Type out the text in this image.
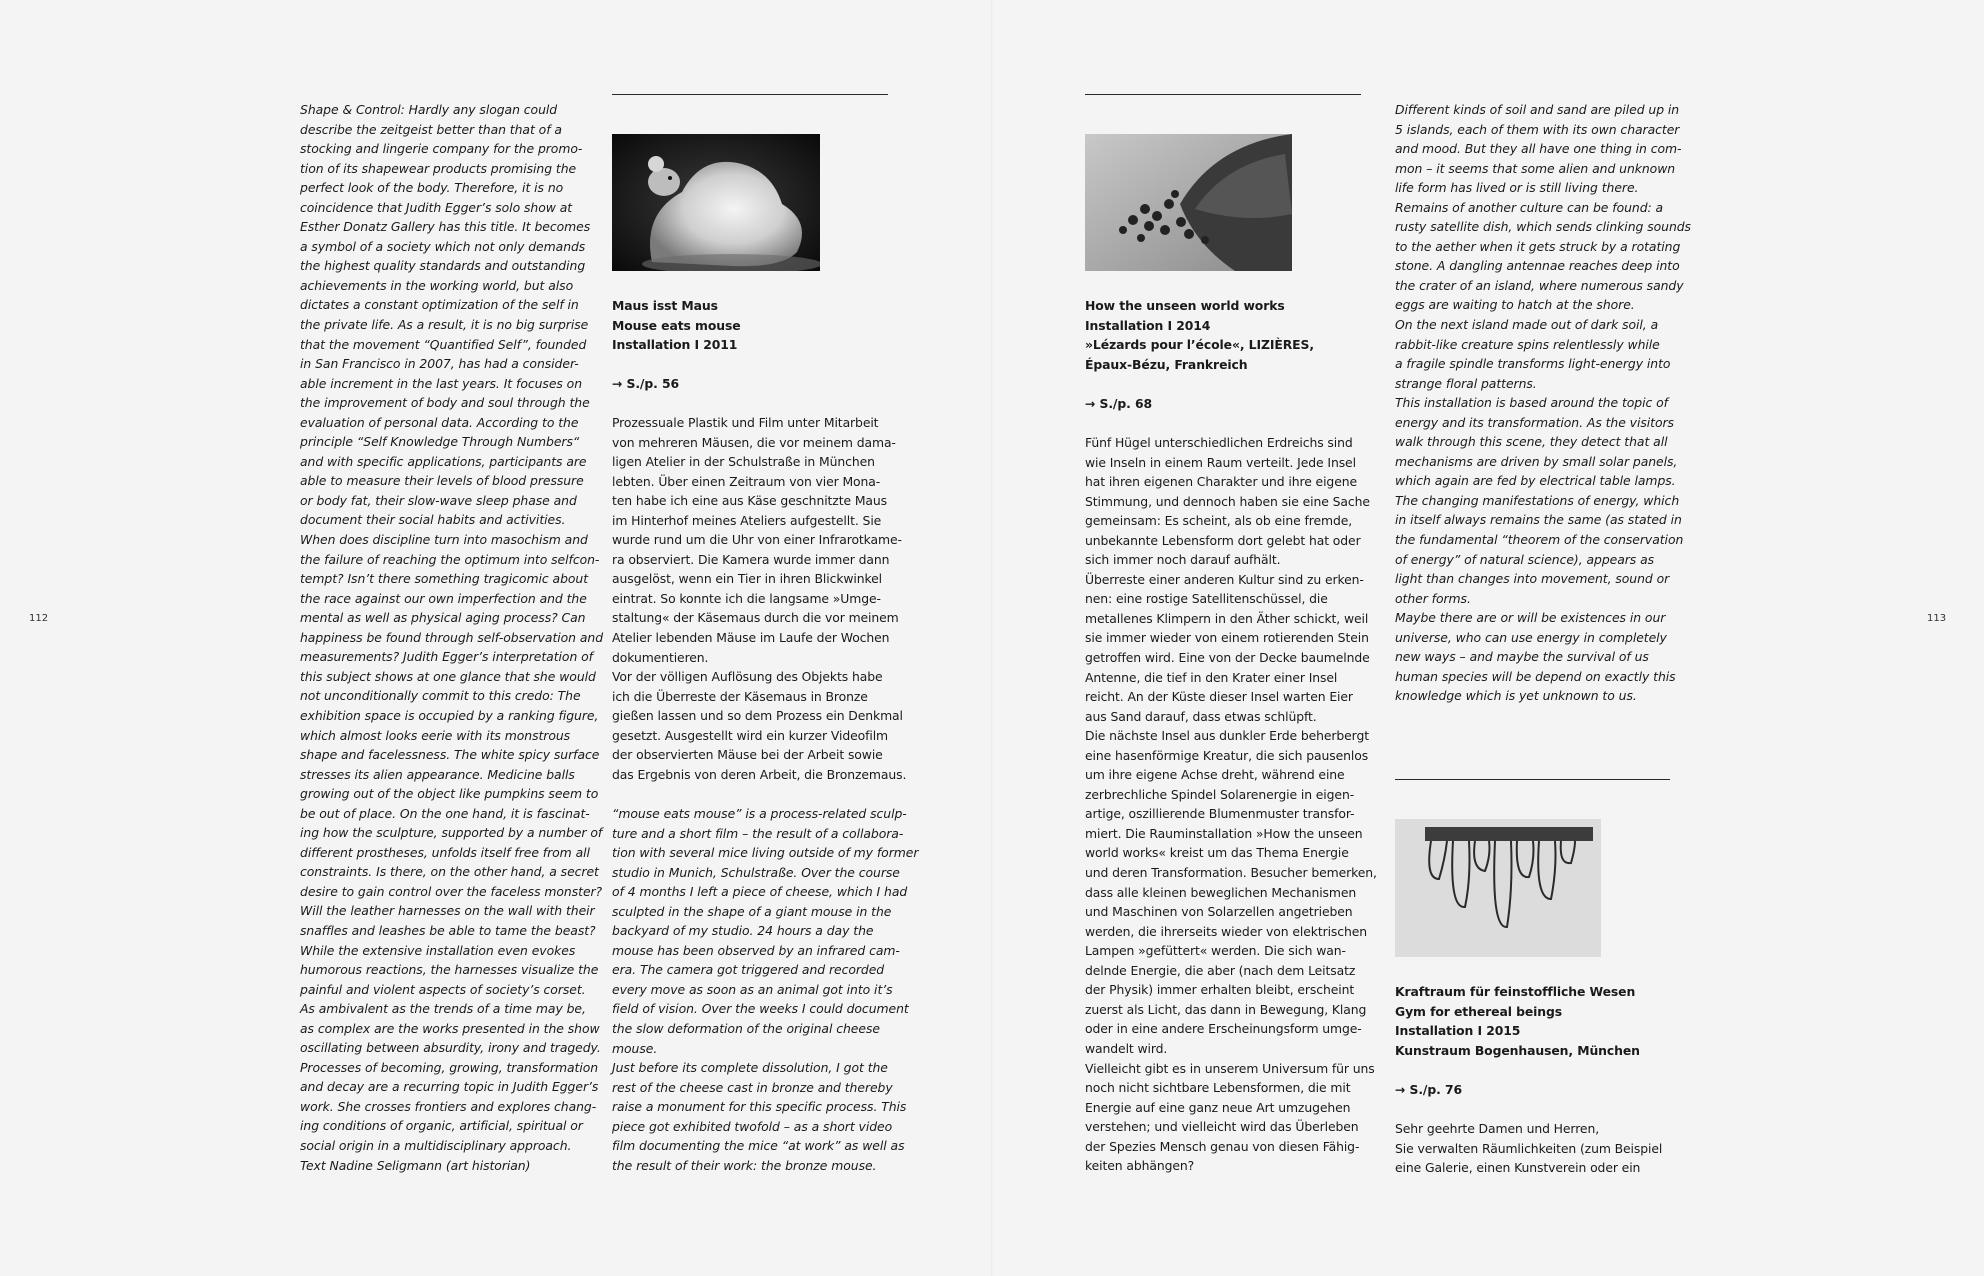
112	113

Shape & Control: Hardly any slogan could

describe the zeitgeist better than that of a

stocking and lingerie company for the promo-

tion of its shapewear products promising the

perfect look of the body. Therefore, it is no

coincidence that Judith Egger’s solo show at

Esther Donatz Gallery has this title. It becomes

a symbol of a society which not only demands

the highest quality standards and outstanding

achievements in the working world, but also

dictates a constant optimization of the self in

the private life. As a result, it is no big surprise

that the movement “Quantified Self”, founded

in San Francisco in 2007, has had a consider-

able increment in the last years. It focuses on

the improvement of body and soul through the

evaluation of personal data. According to the

principle “Self Knowledge Through Numbers“

and with specific applications, participants are

able to measure their levels of blood pressure

or body fat, their slow-wave sleep phase and

document their social habits and activities.

When does discipline turn into masochism and

the failure of reaching the optimum into selfcon-

tempt? Isn’t there something tragicomic about

the race against our own imperfection and the

mental as well as physical aging process? Can

happiness be found through self-observation and

measurements? Judith Egger’s interpretation of

this subject shows at one glance that she would

not unconditionally commit to this credo: The

exhibition space is occupied by a ranking figure,

which almost looks eerie with its monstrous

shape and facelessness. The white spicy surface

stresses its alien appearance. Medicine balls

growing out of the object like pumpkins seem to

be out of place. On the one hand, it is fascinat-

ing how the sculpture, supported by a number of

different prostheses, unfolds itself free from all

constraints. Is there, on the other hand, a secret

desire to gain control over the faceless monster?

Will the leather harnesses on the wall with their

snaffles and leashes be able to tame the beast?

While the extensive installation even evokes

humorous reactions, the harnesses visualize the

painful and violent aspects of society’s corset.

As ambivalent as the trends of a time may be,

as complex are the works presented in the show

oscillating between absurdity, irony and tragedy.

Processes of becoming, growing, transformation

and decay are a recurring topic in Judith Egger’s

work. She crosses frontiers and explores chang-

ing conditions of organic, artificial, spiritual or

social origin in a multidisciplinary approach.

Text Nadine Seligmann (art historian)

Maus isst Maus

Mouse eats mouse

Installation I 2011

→ S./p. 56

Prozessuale Plastik und Film unter Mitarbeit

von mehreren Mäusen, die vor meinem dama-

ligen Atelier in der Schulstraße in München

lebten. Über einen Zeitraum von vier Mona-

ten habe ich eine aus Käse geschnitzte Maus

im Hinterhof meines Ateliers aufgestellt. Sie

wurde rund um die Uhr von einer Infrarotkame-

ra observiert. Die Kamera wurde immer dann

ausgelöst, wenn ein Tier in ihren Blickwinkel

eintrat. So konnte ich die langsame »Umge-

staltung« der Käsemaus durch die vor meinem

Atelier lebenden Mäuse im Laufe der Wochen

dokumentieren.

Vor der völligen Auflösung des Objekts habe

ich die Überreste der Käsemaus in Bronze

gießen lassen und so dem Prozess ein Denkmal

gesetzt. Ausgestellt wird ein kurzer Videofilm

der observierten Mäuse bei der Arbeit sowie

das Ergebnis von deren Arbeit, die Bronzemaus.

“mouse eats mouse” is a process-related sculp-

ture and a short film – the result of a collabora-

tion with several mice living outside of my former

studio in Munich, Schulstraße. Over the course

of 4 months I left a piece of cheese, which I had

sculpted in the shape of a giant mouse in the

backyard of my studio. 24 hours a day the

mouse has been observed by an infrared cam-

era. The camera got triggered and recorded

every move as soon as an animal got into it’s

field of vision. Over the weeks I could document

the slow deformation of the original cheese

mouse.

Just before its complete dissolution, I got the

rest of the cheese cast in bronze and thereby

raise a monument for this specific process. This

piece got exhibited twofold – as a short video

film documenting the mice “at work” as well as

the result of their work: the bronze mouse.

How the unseen world works

Installation I 2014

»Lézards pour l’école«, LIZIÈRES,

Épaux-Bézu, Frankreich

→ S./p. 68

Fünf Hügel unterschiedlichen Erdreichs sind

wie Inseln in einem Raum verteilt. Jede Insel

hat ihren eigenen Charakter und ihre eigene

Stimmung, und dennoch haben sie eine Sache

gemeinsam: Es scheint, als ob eine fremde,

unbekannte Lebensform dort gelebt hat oder

sich immer noch darauf aufhält.

Überreste einer anderen Kultur sind zu erken-

nen: eine rostige Satellitenschüssel, die

metallenes Klimpern in den Äther schickt, weil

sie immer wieder von einem rotierenden Stein

getroffen wird. Eine von der Decke baumelnde

Antenne, die tief in den Krater einer Insel

reicht. An der Küste dieser Insel warten Eier

aus Sand darauf, dass etwas schlüpft.

Die nächste Insel aus dunkler Erde beherbergt

eine hasenförmige Kreatur, die sich pausenlos

um ihre eigene Achse dreht, während eine

zerbrechliche Spindel Solarenergie in eigen-

artige, oszillierende Blumenmuster transfor-

miert. Die Rauminstallation »How the unseen

world works« kreist um das Thema Energie

und deren Transformation. Besucher bemerken,

dass alle kleinen beweglichen Mechanismen

und Maschinen von Solarzellen angetrieben

werden, die ihrerseits wieder von elektrischen

Lampen »gefüttert« werden. Die sich wan-

delnde Energie, die aber (nach dem Leitsatz

der Physik) immer erhalten bleibt, erscheint

zuerst als Licht, das dann in Bewegung, Klang

oder in eine andere Erscheinungsform umge-

wandelt wird.

Vielleicht gibt es in unserem Universum für uns

noch nicht sichtbare Lebensformen, die mit

Energie auf eine ganz neue Art umzugehen

verstehen; und vielleicht wird das Überleben

der Spezies Mensch genau von diesen Fähig-

keiten abhängen?

Different kinds of soil and sand are piled up in

5 islands, each of them with its own character

and mood. But they all have one thing in com-

mon – it seems that some alien and unknown

life form has lived or is still living there.

Remains of another culture can be found: a

rusty satellite dish, which sends clinking sounds

to the aether when it gets struck by a rotating

stone. A dangling antennae reaches deep into

the crater of an island, where numerous sandy

eggs are waiting to hatch at the shore.

On the next island made out of dark soil, a

rabbit-like creature spins relentlessly while

a fragile spindle transforms light-energy into

strange floral patterns.

This installation is based around the topic of

energy and its transformation. As the visitors

walk through this scene, they detect that all

mechanisms are driven by small solar panels,

which again are fed by electrical table lamps.

The changing manifestations of energy, which

in itself always remains the same (as stated in

the fundamental “theorem of the conservation

of energy” of natural science), appears as

light than changes into movement, sound or

other forms.

Maybe there are or will be existences in our

universe, who can use energy in completely

new ways – and maybe the survival of us

human species will be depend on exactly this

knowledge which is yet unknown to us.

Kraftraum für feinstoffliche Wesen

Gym for ethereal beings

Installation I 2015

Kunstraum Bogenhausen, München

→ S./p. 76

Sehr geehrte Damen und Herren,

Sie verwalten Räumlichkeiten (zum Beispiel

eine Galerie, einen Kunstverein oder ein
